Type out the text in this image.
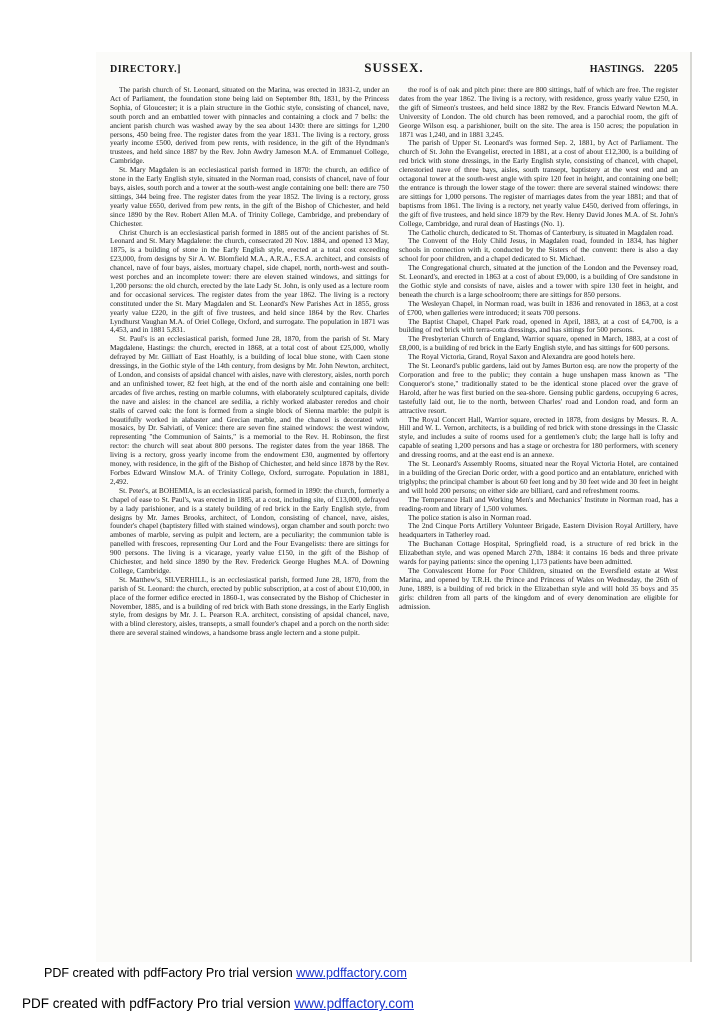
DIRECTORY.]	SUSSEX.	HASTINGS. 2205

The parish church of St. Leonard, situated on the Marina, was erected in 1831-2, under an Act of Parliament, the foundation stone being laid on September 8th, 1831, by the Princess Sophia, of Gloucester; it is a plain structure in the Gothic style, consisting of chancel, nave, south porch and an embattled tower with pinnacles and containing a clock and 7 bells: the ancient parish church was washed away by the sea about 1430: there are sittings for 1,200 persons, 450 being free. The register dates from the year 1831. The living is a rectory, gross yearly income £500, derived from pew rents, with residence, in the gift of the Hyndman's trustees, and held since 1887 by the Rev. John Awdry Jameson M.A. of Emmanuel College, Cambridge.

St. Mary Magdalen is an ecclesiastical parish formed in 1870: the church, an edifice of stone in the Early English style, situated in the Norman road, consists of chancel, nave of four bays, aisles, south porch and a tower at the south-west angle containing one bell: there are 750 sittings, 344 being free. The register dates from the year 1852. The living is a rectory, gross yearly value £650, derived from pew rents, in the gift of the Bishop of Chichester, and held since 1890 by the Rev. Robert Allen M.A. of Trinity College, Cambridge, and prebendary of Chichester.

Christ Church is an ecclesiastical parish formed in 1885 out of the ancient parishes of St. Leonard and St. Mary Magdalene: the church, consecrated 20 Nov. 1884, and opened 13 May, 1875, is a building of stone in the Early English style, erected at a total cost exceeding £23,000, from designs by Sir A. W. Blomfield M.A., A.R.A., F.S.A. architect, and consists of chancel, nave of four bays, aisles, mortuary chapel, side chapel, north, north-west and south-west porches and an incomplete tower: there are eleven stained windows, and sittings for 1,200 persons: the old church, erected by the late Lady St. John, is only used as a lecture room and for occasional services. The register dates from the year 1862. The living is a rectory constituted under the St. Mary Magdalen and St. Leonard's New Parishes Act in 1855, gross yearly value £220, in the gift of five trustees, and held since 1864 by the Rev. Charles Lyndhurst Vaughan M.A. of Oriel College, Oxford, and surrogate. The population in 1871 was 4,453, and in 1881 5,831.

St. Paul's is an ecclesiastical parish, formed June 28, 1870, from the parish of St. Mary Magdalene, Hastings: the church, erected in 1868, at a total cost of about £25,000, wholly defrayed by Mr. Gilliatt of East Hoathly, is a building of local blue stone, with Caen stone dressings, in the Gothic style of the 14th century, from designs by Mr. John Newton, architect, of London, and consists of apsidal chancel with aisles, nave with clerestory, aisles, north porch and an unfinished tower, 82 feet high, at the end of the north aisle and containing one bell: arcades of five arches, resting on marble columns, with elaborately sculptured capitals, divide the nave and aisles: in the chancel are sedilia, a richly worked alabaster reredos and choir stalls of carved oak: the font is formed from a single block of Sienna marble: the pulpit is beautifully worked in alabaster and Grecian marble, and the chancel is decorated with mosaics, by Dr. Salviati, of Venice: there are seven fine stained windows: the west window, representing "the Communion of Saints," is a memorial to the Rev. H. Robinson, the first rector: the church will seat about 800 persons. The register dates from the year 1868. The living is a rectory, gross yearly income from the endowment £30, augmented by offertory money, with residence, in the gift of the Bishop of Chichester, and held since 1878 by the Rev. Forbes Edward Winslow M.A. of Trinity College, Oxford, surrogate. Population in 1881, 2,492.

St. Peter's, at BOHEMIA, is an ecclesiastical parish, formed in 1890: the church, formerly a chapel of ease to St. Paul's, was erected in 1885, at a cost, including site, of £13,000, defrayed by a lady parishioner, and is a stately building of red brick in the Early English style, from designs by Mr. James Brooks, architect, of London, consisting of chancel, nave, aisles, founder's chapel (baptistery filled with stained windows), organ chamber and south porch: two ambones of marble, serving as pulpit and lectern, are a peculiarity; the communion table is panelled with frescoes, representing Our Lord and the Four Evangelists: there are sittings for 900 persons. The living is a vicarage, yearly value £150, in the gift of the Bishop of Chichester, and held since 1890 by the Rev. Frederick George Hughes M.A. of Downing College, Cambridge.

St. Matthew's, SILVERHILL, is an ecclesiastical parish, formed June 28, 1870, from the parish of St. Leonard: the church, erected by public subscription, at a cost of about £10,000, in place of the former edifice erected in 1860-1, was consecrated by the Bishop of Chichester in November, 1885, and is a building of red brick with Bath stone dressings, in the Early English style, from designs by Mr. J. L. Pearson R.A. architect, consisting of apsidal chancel, nave, with a blind clerestory, aisles, transepts, a small founder's chapel and a porch on the north side: there are several stained windows, a handsome brass angle lectern and a stone pulpit.

the roof is of oak and pitch pine: there are 800 sittings, half of which are free. The register dates from the year 1862. The living is a rectory, with residence, gross yearly value £250, in the gift of Simeon's trustees, and held since 1882 by the Rev. Francis Edward Newton M.A. University of London. The old church has been removed, and a parochial room, the gift of George Wilson esq. a parishioner, built on the site. The area is 150 acres; the population in 1871 was 1,240, and in 1881 3,245.

The parish of Upper St. Leonard's was formed Sep. 2, 1881, by Act of Parliament. The church of St. John the Evangelist, erected in 1881, at a cost of about £12,300, is a building of red brick with stone dressings, in the Early English style, consisting of chancel, with chapel, clerestoried nave of three bays, aisles, south transept, baptistery at the west end and an octagonal tower at the south-west angle with spire 120 feet in height, and containing one bell; the entrance is through the lower stage of the tower: there are several stained windows: there are sittings for 1,000 persons. The register of marriages dates from the year 1881; and that of baptisms from 1861. The living is a rectory, net yearly value £450, derived from offerings, in the gift of five trustees, and held since 1879 by the Rev. Henry David Jones M.A. of St. John's College, Cambridge, and rural dean of Hastings (No. 1).

The Catholic church, dedicated to St. Thomas of Canterbury, is situated in Magdalen road.

The Convent of the Holy Child Jesus, in Magdalen road, founded in 1834, has higher schools in connection with it, conducted by the Sisters of the convent: there is also a day school for poor children, and a chapel dedicated to St. Michael.

The Congregational church, situated at the junction of the London and the Pevensey road, St. Leonard's, and erected in 1863 at a cost of about £9,000, is a building of Ore sandstone in the Gothic style and consists of nave, aisles and a tower with spire 130 feet in height, and beneath the church is a large schoolroom; there are sittings for 850 persons.

The Wesleyan Chapel, in Norman road, was built in 1836 and renovated in 1863, at a cost of £700, when galleries were introduced; it seats 700 persons.

The Baptist Chapel, Chapel Park road, opened in April, 1883, at a cost of £4,700, is a building of red brick with terra-cotta dressings, and has sittings for 500 persons.

The Presbyterian Church of England, Warrior square, opened in March, 1883, at a cost of £8,000, is a building of red brick in the Early English style, and has sittings for 600 persons.

The Royal Victoria, Grand, Royal Saxon and Alexandra are good hotels here.

The St. Leonard's public gardens, laid out by James Burton esq. are now the property of the Corporation and free to the public; they contain a huge unshapen mass known as "The Conqueror's stone," traditionally stated to be the identical stone placed over the grave of Harold, after he was first buried on the sea-shore. Gensing public gardens, occupying 6 acres, tastefully laid out, lie to the north, between Charles' road and London road, and form an attractive resort.

The Royal Concert Hall, Warrior square, erected in 1878, from designs by Messrs. R. A. Hill and W. L. Vernon, architects, is a building of red brick with stone dressings in the Classic style, and includes a suite of rooms used for a gentlemen's club; the large hall is lofty and capable of seating 1,200 persons and has a stage or orchestra for 180 performers, with scenery and dressing rooms, and at the east end is an annexe.

The St. Leonard's Assembly Rooms, situated near the Royal Victoria Hotel, are contained in a building of the Grecian Doric order, with a good portico and an entablature, enriched with triglyphs; the principal chamber is about 60 feet long and by 30 feet wide and 30 feet in height and will hold 200 persons; on either side are billiard, card and refreshment rooms.

The Temperance Hall and Working Men's and Mechanics' Institute in Norman road, has a reading-room and library of 1,500 volumes.

The police station is also in Norman road.

The 2nd Cinque Ports Artillery Volunteer Brigade, Eastern Division Royal Artillery, have headquarters in Tatherley road.

The Buchanan Cottage Hospital, Springfield road, is a structure of red brick in the Elizabethan style, and was opened March 27th, 1884: it contains 16 beds and three private wards for paying patients: since the opening 1,173 patients have been admitted.

The Convalescent Home for Poor Children, situated on the Eversfield estate at West Marina, and opened by T.R.H. the Prince and Princess of Wales on Wednesday, the 26th of June, 1889, is a building of red brick in the Elizabethan style and will hold 35 boys and 35 girls: children from all parts of the kingdom and of every denomination are eligible for admission.

PDF created with pdfFactory Pro trial version www.pdffactory.com
PDF created with pdfFactory Pro trial version www.pdffactory.com
